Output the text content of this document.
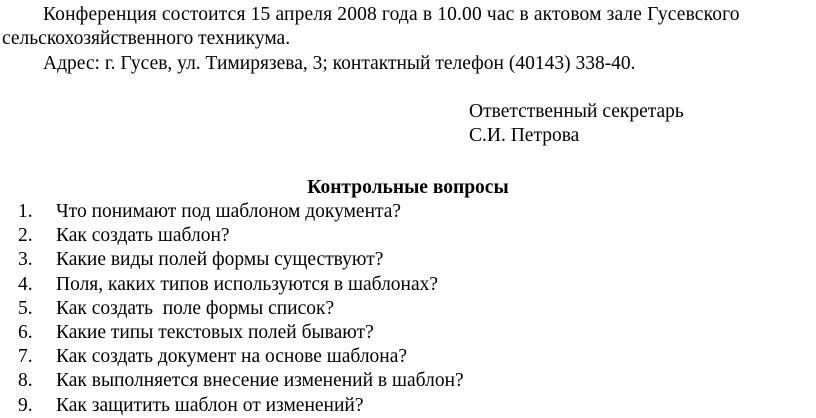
Конференция состоится 15 апреля 2008 года в 10.00 час в актовом зале Гусевского

сельскохозяйственного техникума.

Адрес: г. Гусев, ул. Тимирязева, 3; контактный телефон (40143) 338-40.

Ответственный секретарь

С.И. Петрова

Контрольные вопросы

1.	Что понимают под шаблоном документа?
2.	Как создать шаблон?
3.	Какие виды полей формы существуют?
4.	Поля, каких типов используются в шаблонах?
5.	Как создать  поле формы список?
6.	Какие типы текстовых полей бывают?
7.	Как создать документ на основе шаблона?
8.	Как выполняется внесение изменений в шаблон?
9.	Как защитить шаблон от изменений?
